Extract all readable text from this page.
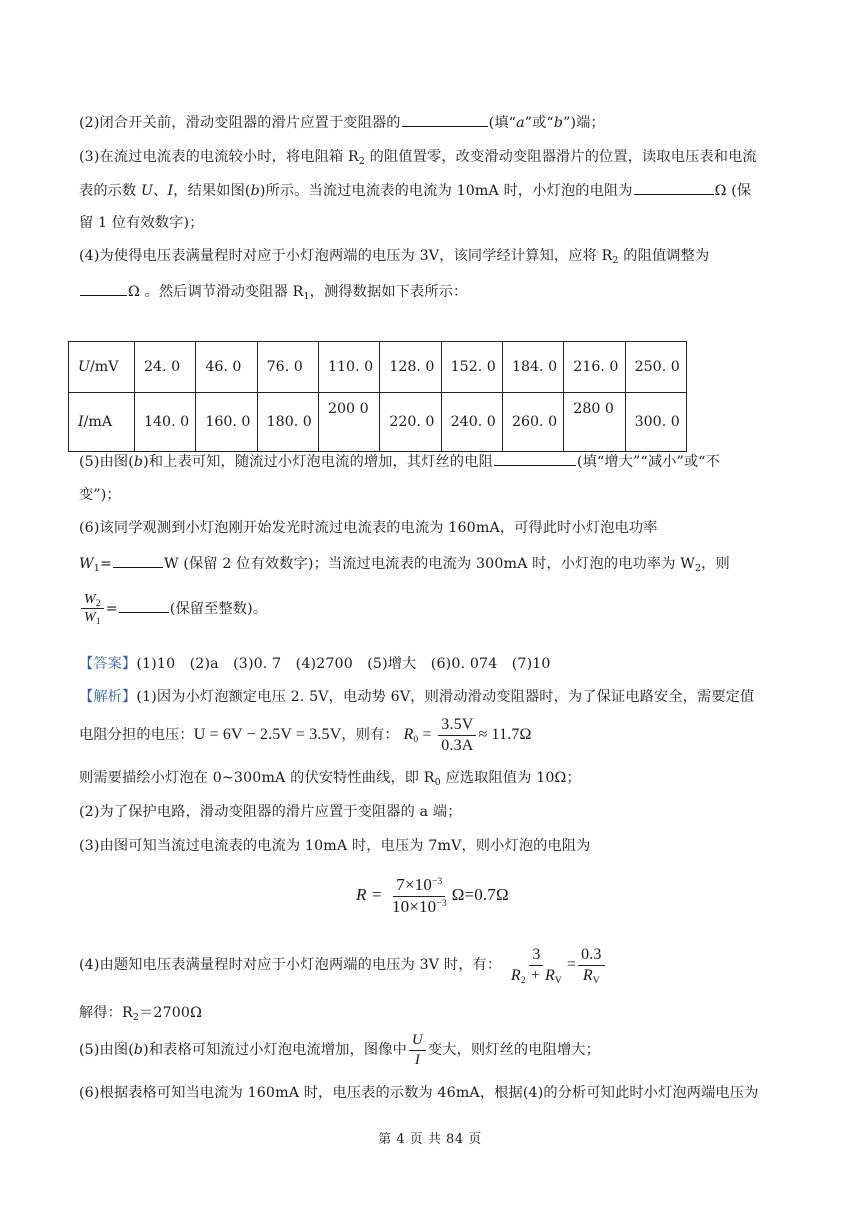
(2)闭合开关前，滑动变阻器的滑片应置于变阻器的	(填“a”或“b”)端；
(3)在流过电流表的电流较小时，将电阻箱 $R_2$ 的阻值置零，改变滑动变阻器滑片的位置，读取电压表和电流
表的示数 U、I，结果如图(b)所示。当流过电流表的电流为 10mA 时，小灯泡的电阻为	Ω (保
留 1 位有效数字)；
(4)为使得电压表满量程时对应于小灯泡两端的电压为 3V，该同学经计算知，应将 $R_2$ 的阻值调整为
Ω 。然后调节滑动变阻器 $R_1$，测得数据如下表所示：
U/mV	24. 0	46. 0	76. 0	110. 0	128. 0	152. 0	184. 0	216. 0	250. 0
I/mA	140. 0	160. 0	180. 0	200 0	220. 0	240. 0	260. 0	280 0	300. 0
(5)由图(b)和上表可知，随流过小灯泡电流的增加，其灯丝的电阻	(填“增大”“减小”或“不
变”)；
(6)该同学观测到小灯泡刚开始发光时流过电流表的电流为 160mA，可得此时小灯泡电功率
$W_1=$	W (保留 2 位有效数字)；当流过电流表的电流为 300mA 时，小灯泡的电功率为 $W_2$，则
$\frac{W_2}{W_1}$ =	(保留至整数)。
【答案】(1)10　(2)a　(3)0. 7　(4)2700　(5)增大　(6)0. 074　(7)10
【解析】(1)因为小灯泡额定电压 2. 5V，电动势 6V，则滑动滑动变阻器时，为了保证电路安全，需要定值
电阻分担的电压：U = 6V − 2.5V = 3.5V，则有： $R_0 = \frac{3.5V}{0.3A} \approx 11.7\Omega$
则需要描绘小灯泡在 0~300mA 的伏安特性曲线，即 $R_0$ 应选取阻值为 10Ω；
(2)为了保护电路，滑动变阻器的滑片应置于变阻器的 a 端；
(3)由图可知当流过电流表的电流为 10mA 时，电压为 7mV，则小灯泡的电阻为
$R = \frac{7\times 10^{-3}}{10\times 10^{-3}} \Omega=0.7\Omega$
(4)由题知电压表满量程时对应于小灯泡两端的电压为 3V 时，有： $\frac{3}{R_2 + R_V} = \frac{0.3}{R_V}$
解得：$R_2=2700\Omega$
(5)由图(b)和表格可知流过小灯泡电流增加，图像中 $\frac{U}{I}$ 变大，则灯丝的电阻增大；
(6)根据表格可知当电流为 160mA 时，电压表的示数为 46mA，根据(4)的分析可知此时小灯泡两端电压为
第 4 页 共 84 页
